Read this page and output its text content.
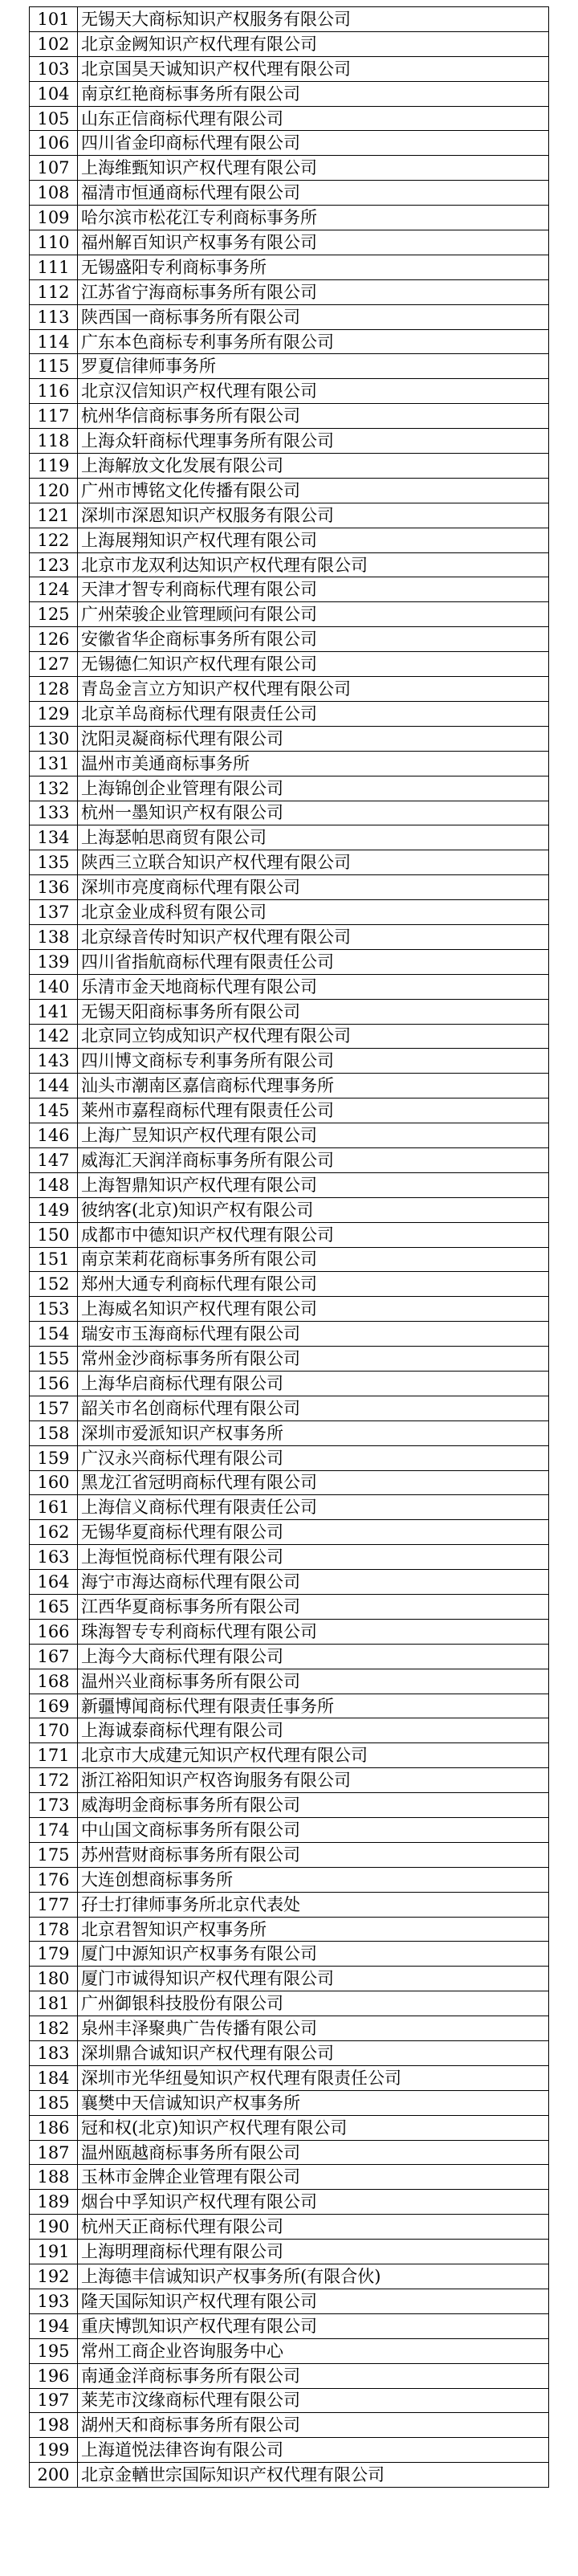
101	无锡天大商标知识产权服务有限公司
102	北京金阙知识产权代理有限公司
103	北京国昊天诚知识产权代理有限公司
104	南京红艳商标事务所有限公司
105	山东正信商标代理有限公司
106	四川省金印商标代理有限公司
107	上海维甄知识产权代理有限公司
108	福清市恒通商标代理有限公司
109	哈尔滨市松花江专利商标事务所
110	福州解百知识产权事务有限公司
111	无锡盛阳专利商标事务所
112	江苏省宁海商标事务所有限公司
113	陕西国一商标事务所有限公司
114	广东本色商标专利事务所有限公司
115	罗夏信律师事务所
116	北京汉信知识产权代理有限公司
117	杭州华信商标事务所有限公司
118	上海众轩商标代理事务所有限公司
119	上海解放文化发展有限公司
120	广州市博铭文化传播有限公司
121	深圳市深恩知识产权服务有限公司
122	上海展翔知识产权代理有限公司
123	北京市龙双利达知识产权代理有限公司
124	天津才智专利商标代理有限公司
125	广州荣骏企业管理顾问有限公司
126	安徽省华企商标事务所有限公司
127	无锡德仁知识产权代理有限公司
128	青岛金言立方知识产权代理有限公司
129	北京羊岛商标代理有限责任公司
130	沈阳灵凝商标代理有限公司
131	温州市美通商标事务所
132	上海锦创企业管理有限公司
133	杭州一墨知识产权有限公司
134	上海瑟帕思商贸有限公司
135	陕西三立联合知识产权代理有限公司
136	深圳市亮度商标代理有限公司
137	北京金业成科贸有限公司
138	北京绿音传时知识产权代理有限公司
139	四川省指航商标代理有限责任公司
140	乐清市金天地商标代理有限公司
141	无锡天阳商标事务所有限公司
142	北京同立钧成知识产权代理有限公司
143	四川博文商标专利事务所有限公司
144	汕头市潮南区嘉信商标代理事务所
145	莱州市嘉程商标代理有限责任公司
146	上海广昱知识产权代理有限公司
147	威海汇天润洋商标事务所有限公司
148	上海智鼎知识产权代理有限公司
149	彼纳客(北京)知识产权有限公司
150	成都市中德知识产权代理有限公司
151	南京茉莉花商标事务所有限公司
152	郑州大通专利商标代理有限公司
153	上海威名知识产权代理有限公司
154	瑞安市玉海商标代理有限公司
155	常州金沙商标事务所有限公司
156	上海华启商标代理有限公司
157	韶关市名创商标代理有限公司
158	深圳市爱派知识产权事务所
159	广汉永兴商标代理有限公司
160	黑龙江省冠明商标代理有限公司
161	上海信义商标代理有限责任公司
162	无锡华夏商标代理有限公司
163	上海恒悦商标代理有限公司
164	海宁市海达商标代理有限公司
165	江西华夏商标事务所有限公司
166	珠海智专专利商标代理有限公司
167	上海今大商标代理有限公司
168	温州兴业商标事务所有限公司
169	新疆博闻商标代理有限责任事务所
170	上海诚泰商标代理有限公司
171	北京市大成建元知识产权代理有限公司
172	浙江裕阳知识产权咨询服务有限公司
173	威海明金商标事务所有限公司
174	中山国文商标事务所有限公司
175	苏州营财商标事务所有限公司
176	大连创想商标事务所
177	孖士打律师事务所北京代表处
178	北京君智知识产权事务所
179	厦门中源知识产权事务有限公司
180	厦门市诚得知识产权代理有限公司
181	广州御银科技股份有限公司
182	泉州丰泽聚典广告传播有限公司
183	深圳鼎合诚知识产权代理有限公司
184	深圳市光华纽曼知识产权代理有限责任公司
185	襄樊中天信诚知识产权事务所
186	冠和权(北京)知识产权代理有限公司
187	温州瓯越商标事务所有限公司
188	玉林市金牌企业管理有限公司
189	烟台中孚知识产权代理有限公司
190	杭州天正商标代理有限公司
191	上海明理商标代理有限公司
192	上海德丰信诚知识产权事务所(有限合伙)
193	隆天国际知识产权代理有限公司
194	重庆博凯知识产权代理有限公司
195	常州工商企业咨询服务中心
196	南通金洋商标事务所有限公司
197	莱芜市汶缘商标代理有限公司
198	湖州天和商标事务所有限公司
199	上海道悦法律咨询有限公司
200	北京金輶世宗国际知识产权代理有限公司
